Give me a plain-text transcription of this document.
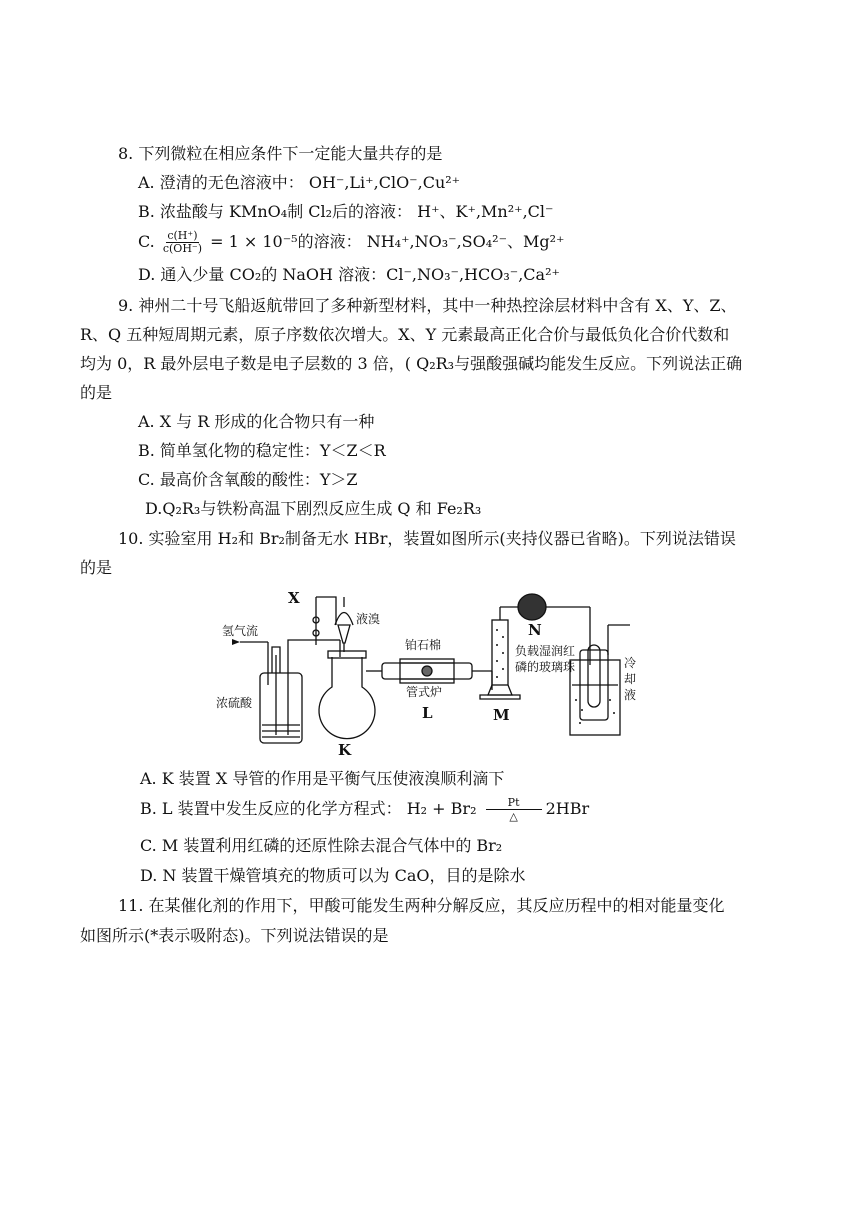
8. 下列微粒在相应条件下一定能大量共存的是
A. 澄清的无色溶液中： OH⁻,Li⁺,ClO⁻,Cu²⁺
B. 浓盐酸与 KMnO₄制 Cl₂后的溶液： H⁺、K⁺,Mn²⁺,Cl⁻
C. $\frac{c(H^+)}{c(OH^-)} = 1 \times 10^{-5}$的溶液： NH₄⁺,NO₃⁻,SO₄²⁻、Mg²⁺
D. 通入少量 CO₂的 NaOH 溶液：Cl⁻,NO₃⁻,HCO₃⁻,Ca²⁺
9. 神州二十号飞船返航带回了多种新型材料，其中一种热控涂层材料中含有 X、Y、Z、
R、Q 五种短周期元素，原子序数依次增大。X、Y 元素最高正化合价与最低负化合价代数和
均为 0，R 最外层电子数是电子层数的 3 倍，( Q₂R₃与强酸强碱均能发生反应。下列说法正确
的是
A. X 与 R 形成的化合物只有一种
B. 简单氢化物的稳定性：Y＜Z＜R
C. 最高价含氧酸的酸性：Y＞Z
D.Q₂R₃与铁粉高温下剧烈反应生成 Q 和 Fe₂R₃
10. 实验室用 H₂和 Br₂制备无水 HBr，装置如图所示(夹持仪器已省略)。下列说法错误
的是
X
液溴
氢气流
铂石棉
管式炉
浓硫酸
K
L	M
N
负载湿润红
磷的玻璃珠	冷
却
液
A. K 装置 X 导管的作用是平衡气压使液溴顺利滴下
B. L 装置中发生反应的化学方程式： H₂ + Br₂	Pt
△ 2HBr
C. M 装置利用红磷的还原性除去混合气体中的 Br₂
D. N 装置干燥管填充的物质可以为 CaO，目的是除水
11. 在某催化剂的作用下，甲酸可能发生两种分解反应，其反应历程中的相对能量变化
如图所示(*表示吸附态)。下列说法错误的是
